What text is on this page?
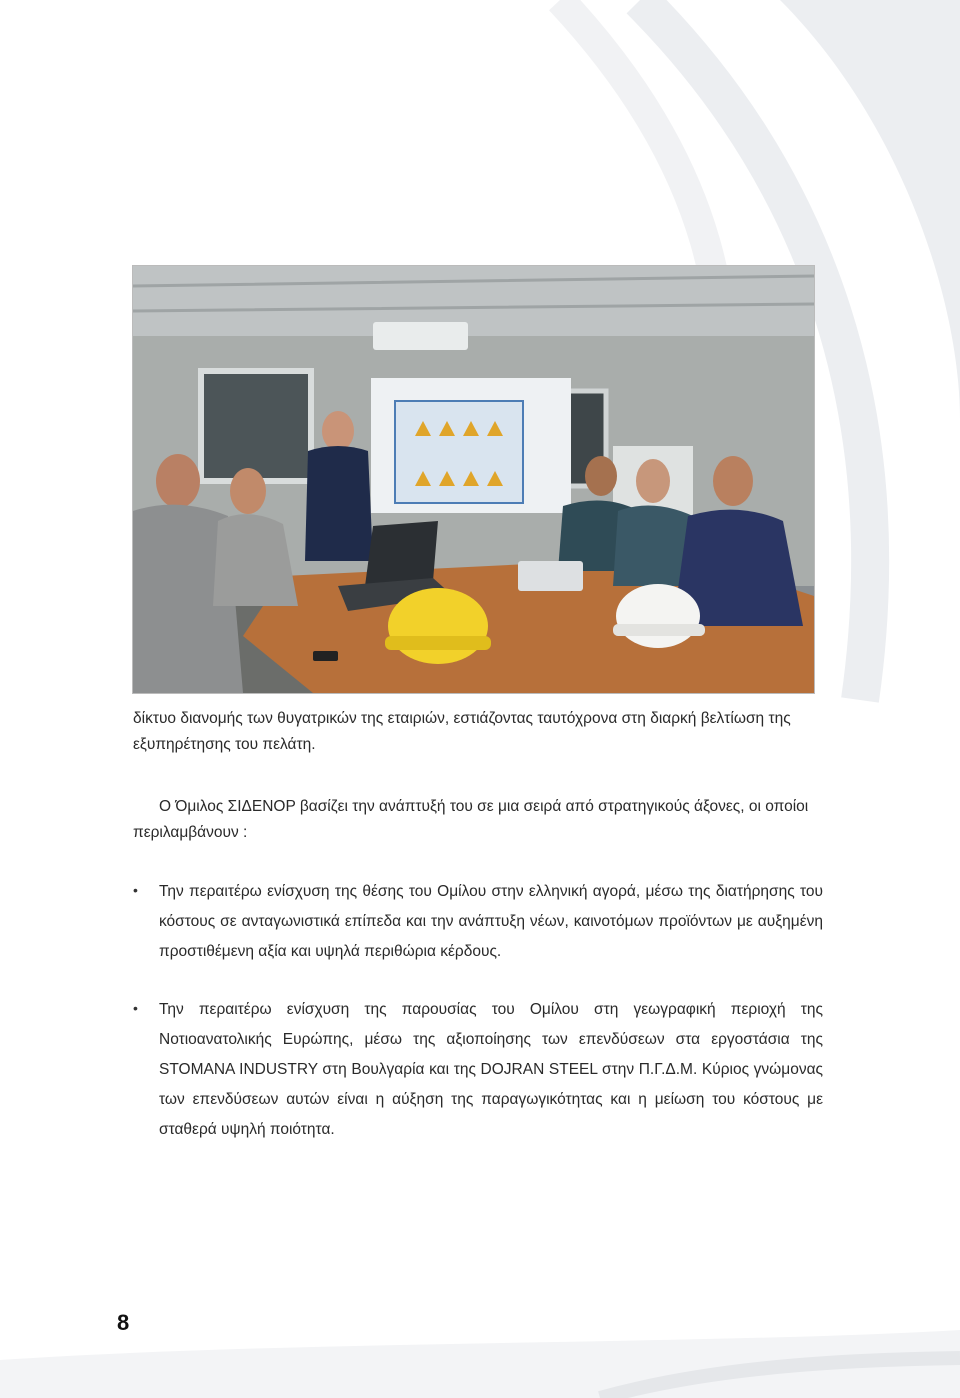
δίκτυο διανομής των θυγατρικών της εταιριών, εστιάζοντας ταυτόχρονα στη διαρκή βελτίωση της εξυπηρέτησης του πελάτη.
Ο Όμιλος ΣΙΔΕΝΟΡ βασίζει την ανάπτυξή του σε μια σειρά από στρατηγικούς άξονες, οι οποίοι περιλαμβάνουν :
• Την περαιτέρω ενίσχυση της θέσης του Ομίλου στην ελληνική αγορά, μέσω της διατήρησης του κόστους σε ανταγωνιστικά επίπεδα και την ανάπτυξη νέων, καινοτόμων προϊόντων με αυξημένη προστιθέμενη αξία και υψηλά περιθώρια κέρδους.
• Την περαιτέρω ενίσχυση της παρουσίας του Ομίλου στη γεωγραφική περιοχή της Νοτιοανατολικής Ευρώπης, μέσω της αξιοποίησης των επενδύσεων στα εργοστάσια της STOMANA INDUSTRY στη Βουλγαρία και της DOJRAN STEEL στην Π.Γ.Δ.Μ. Κύριος γνώμονας των επενδύσεων αυτών είναι η αύξηση της παραγωγικότητας και η μείωση του κόστους με σταθερά υψηλή ποιότητα.
8
